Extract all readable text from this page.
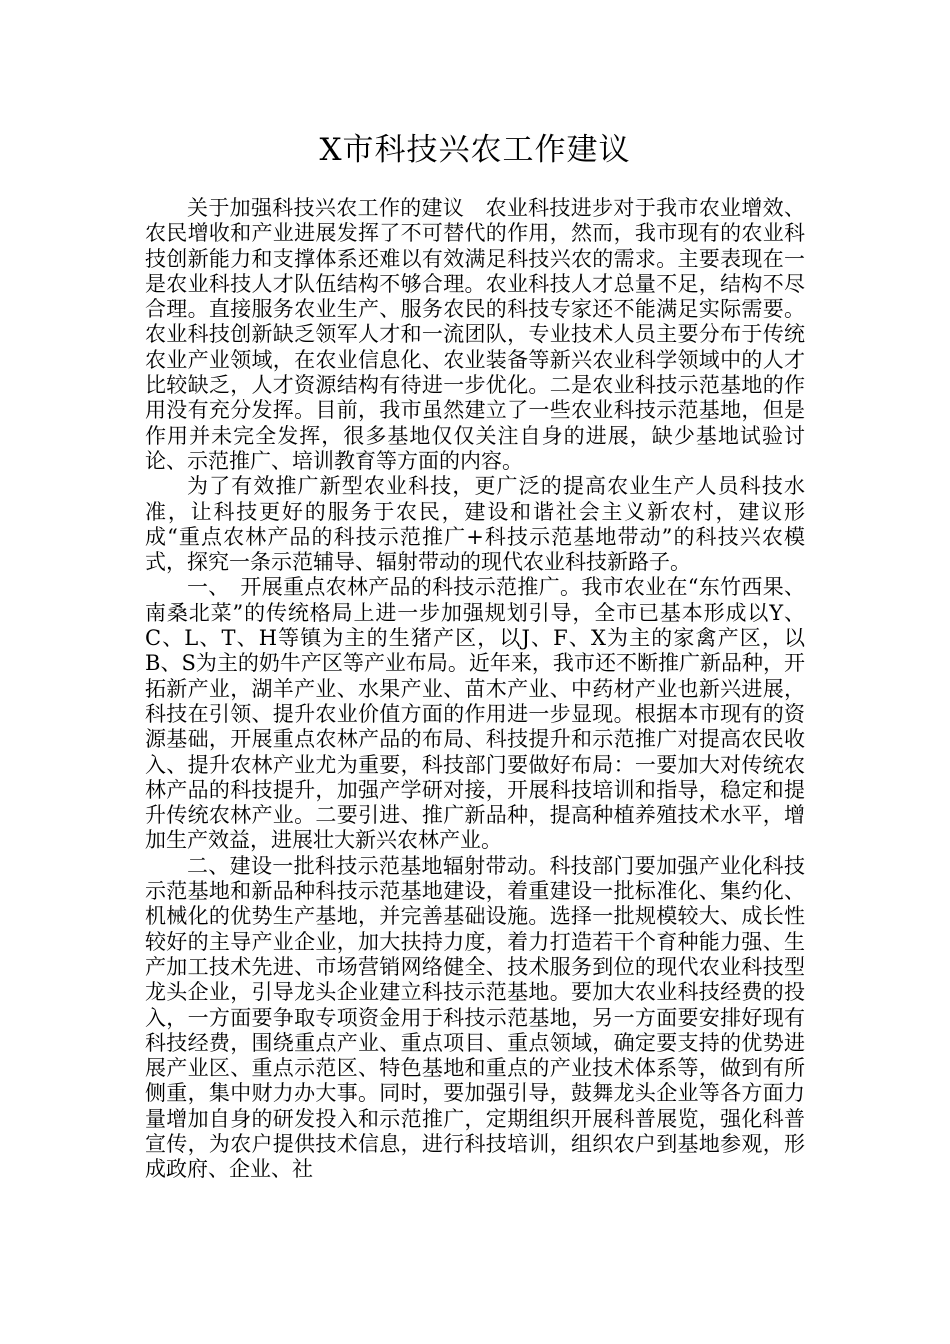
X市科技兴农工作建议

关于加强科技兴农工作的建议　农业科技进步对于我市农业增效、农民增收和产业进展发挥了不可替代的作用，然而，我市现有的农业科技创新能力和支撑体系还难以有效满足科技兴农的需求。主要表现在一是农业科技人才队伍结构不够合理。农业科技人才总量不足，结构不尽合理。直接服务农业生产、服务农民的科技专家还不能满足实际需要。农业科技创新缺乏领军人才和一流团队，专业技术人员主要分布于传统农业产业领域，在农业信息化、农业装备等新兴农业科学领域中的人才比较缺乏，人才资源结构有待进一步优化。二是农业科技示范基地的作用没有充分发挥。目前，我市虽然建立了一些农业科技示范基地，但是作用并未完全发挥，很多基地仅仅关注自身的进展，缺少基地试验讨论、示范推广、培训教育等方面的内容。

为了有效推广新型农业科技，更广泛的提高农业生产人员科技水准，让科技更好的服务于农民，建设和谐社会主义新农村，建议形成“重点农林产品的科技示范推广+科技示范基地带动”的科技兴农模式，探究一条示范辅导、辐射带动的现代农业科技新路子。

一、　开展重点农林产品的科技示范推广。我市农业在“东竹西果、南桑北菜”的传统格局上进一步加强规划引导，全市已基本形成以Y、C、L、T、H等镇为主的生猪产区，以J、F、X为主的家禽产区，以B、S为主的奶牛产区等产业布局。近年来，我市还不断推广新品种，开拓新产业，湖羊产业、水果产业、苗木产业、中药材产业也新兴进展，科技在引领、提升农业价值方面的作用进一步显现。根据本市现有的资源基础，开展重点农林产品的布局、科技提升和示范推广对提高农民收入、提升农林产业尤为重要，科技部门要做好布局：一要加大对传统农林产品的科技提升，加强产学研对接，开展科技培训和指导，稳定和提升传统农林产业。二要引进、推广新品种，提高种植养殖技术水平，增加生产效益，进展壮大新兴农林产业。

二、建设一批科技示范基地辐射带动。科技部门要加强产业化科技示范基地和新品种科技示范基地建设，着重建设一批标准化、集约化、机械化的优势生产基地，并完善基础设施。选择一批规模较大、成长性较好的主导产业企业，加大扶持力度，着力打造若干个育种能力强、生产加工技术先进、市场营销网络健全、技术服务到位的现代农业科技型龙头企业，引导龙头企业建立科技示范基地。要加大农业科技经费的投入，一方面要争取专项资金用于科技示范基地，另一方面要安排好现有科技经费，围绕重点产业、重点项目、重点领域，确定要支持的优势进展产业区、重点示范区、特色基地和重点的产业技术体系等，做到有所侧重，集中财力办大事。同时，要加强引导，鼓舞龙头企业等各方面力量增加自身的研发投入和示范推广，定期组织开展科普展览，强化科普宣传，为农户提供技术信息，进行科技培训，组织农户到基地参观，形成政府、企业、社
